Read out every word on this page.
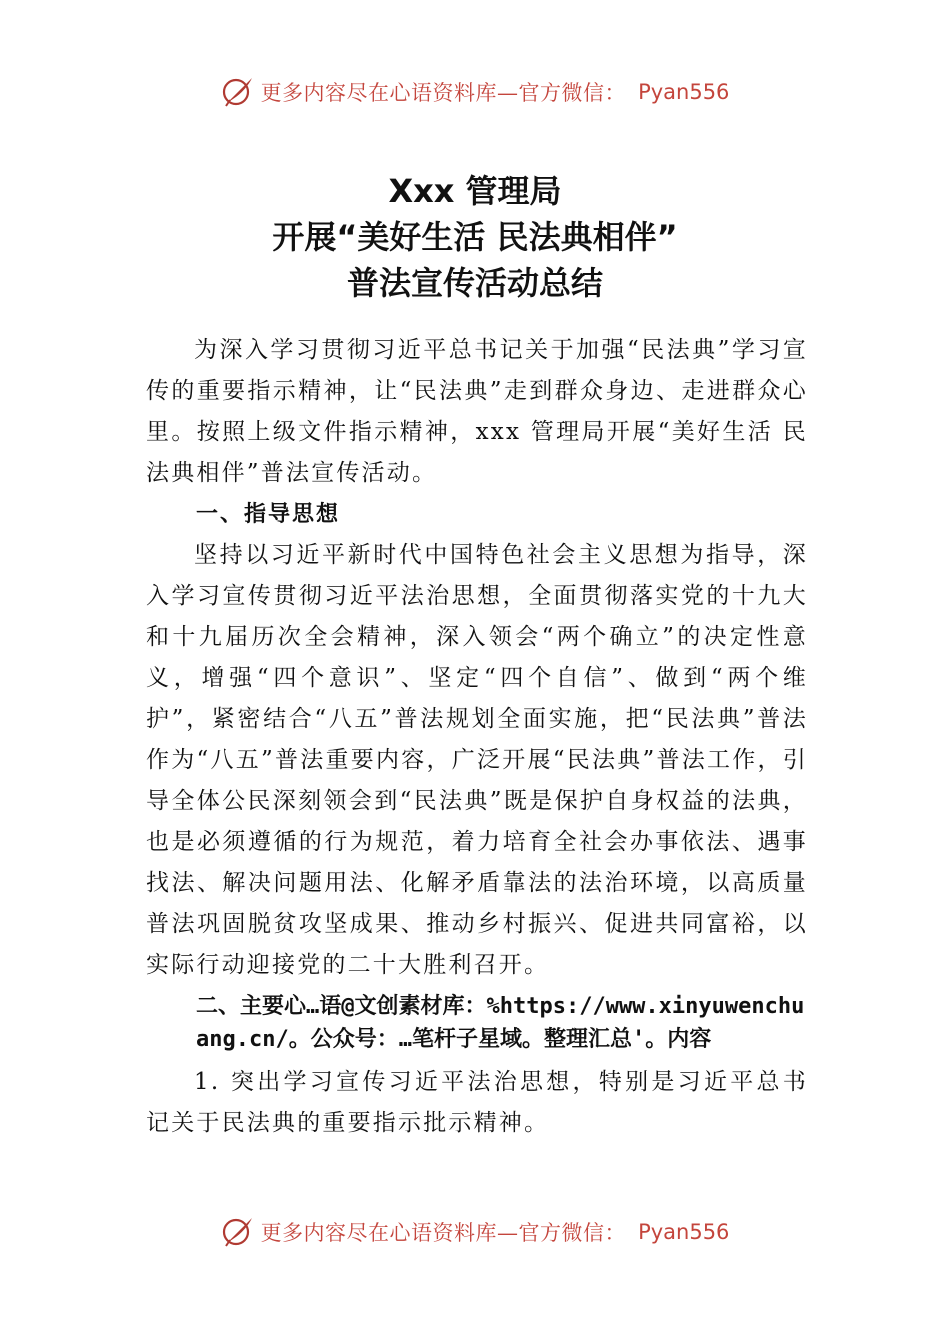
更多内容尽在心语资料库—官方微信： Pyan556
Xxx 管理局
开展“美好生活 民法典相伴”
普法宣传活动总结

为深入学习贯彻习近平总书记关于加强“民法典”学习宣传的重要指示精神，让“民法典”走到群众身边、走进群众心里。按照上级文件指示精神，xxx 管理局开展“美好生活 民法典相伴”普法宣传活动。

一、指导思想

坚持以习近平新时代中国特色社会主义思想为指导，深入学习宣传贯彻习近平法治思想，全面贯彻落实党的十九大和十九届历次全会精神，深入领会“两个确立”的决定性意义，增强“四个意识”、坚定“四个自信”、做到“两个维护”，紧密结合“八五”普法规划全面实施，把“民法典”普法作为“八五”普法重要内容，广泛开展“民法典”普法工作，引导全体公民深刻领会到“民法典”既是保护自身权益的法典，也是必须遵循的行为规范，着力培育全社会办事依法、遇事找法、解决问题用法、化解矛盾靠法的法治环境，以高质量普法巩固脱贫攻坚成果、推动乡村振兴、促进共同富裕，以实际行动迎接党的二十大胜利召开。

二、主要心…语@文创素材库：%https://www.xinyuwenchuang.cn/。公众号：…笔杆子星域。整理汇总'。内容

1. 突出学习宣传习近平法治思想，特别是习近平总书记关于民法典的重要指示批示精神。

更多内容尽在心语资料库—官方微信： Pyan556
